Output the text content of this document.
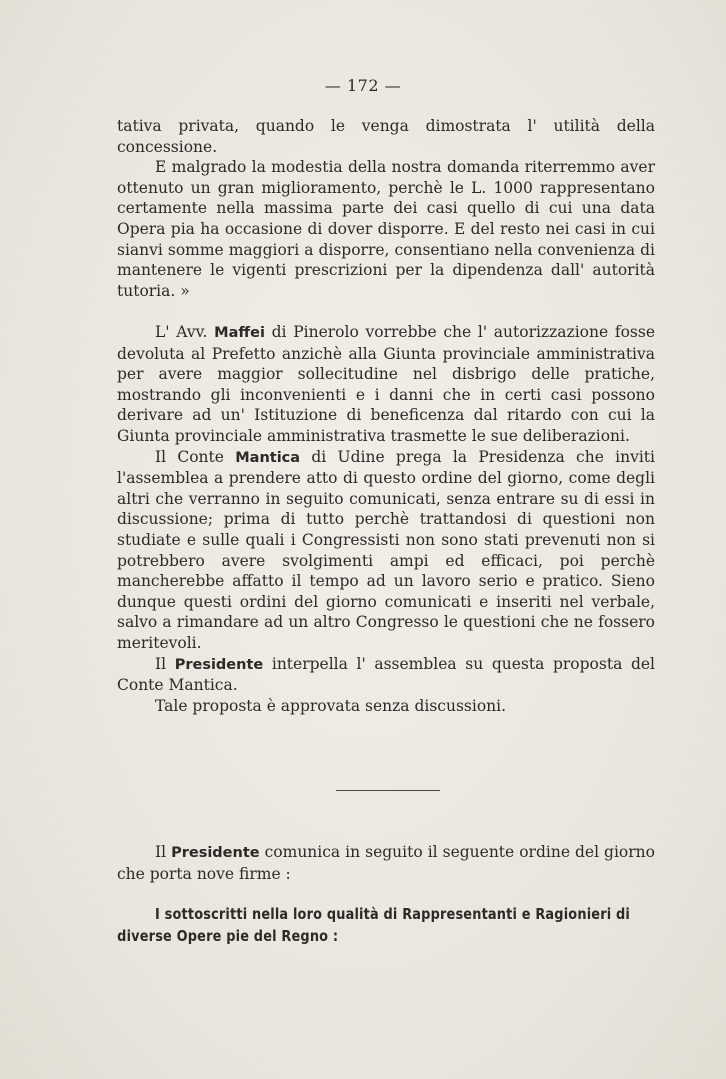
— 172 —

tativa privata, quando le venga dimostrata l' utilità della concessione.

E malgrado la modestia della nostra domanda riterremmo aver ottenuto un gran miglioramento, perchè le L. 1000 rappresentano certamente nella massima parte dei casi quello di cui una data Opera pia ha occasione di dover disporre. E del resto nei casi in cui sianvi somme maggiori a disporre, consentiano nella convenienza di mantenere le vigenti prescrizioni per la dipendenza dall' autorità tutoria. »

L' Avv. Maffei di Pinerolo vorrebbe che l' autorizzazione fosse devoluta al Prefetto anzichè alla Giunta provinciale amministrativa per avere maggior sollecitudine nel disbrigo delle pratiche, mostrando gli inconvenienti e i danni che in certi casi possono derivare ad un' Istituzione di beneficenza dal ritardo con cui la Giunta provinciale amministrativa trasmette le sue deliberazioni.

Il Conte Mantica di Udine prega la Presidenza che inviti l'assemblea a prendere atto di questo ordine del giorno, come degli altri che verranno in seguito comunicati, senza entrare su di essi in discussione; prima di tutto perchè trattandosi di questioni non studiate e sulle quali i Congressisti non sono stati prevenuti non si potrebbero avere svolgimenti ampi ed efficaci, poi perchè mancherebbe affatto il tempo ad un lavoro serio e pratico. Sieno dunque questi ordini del giorno comunicati e inseriti nel verbale, salvo a rimandare ad un altro Congresso le questioni che ne fossero meritevoli.

Il Presidente interpella l' assemblea su questa proposta del Conte Mantica.

Tale proposta è approvata senza discussioni.

Il Presidente comunica in seguito il seguente ordine del giorno che porta nove firme :

I sottoscritti nella loro qualità di Rappresentanti e Ragionieri di
diverse Opere pie del Regno :
